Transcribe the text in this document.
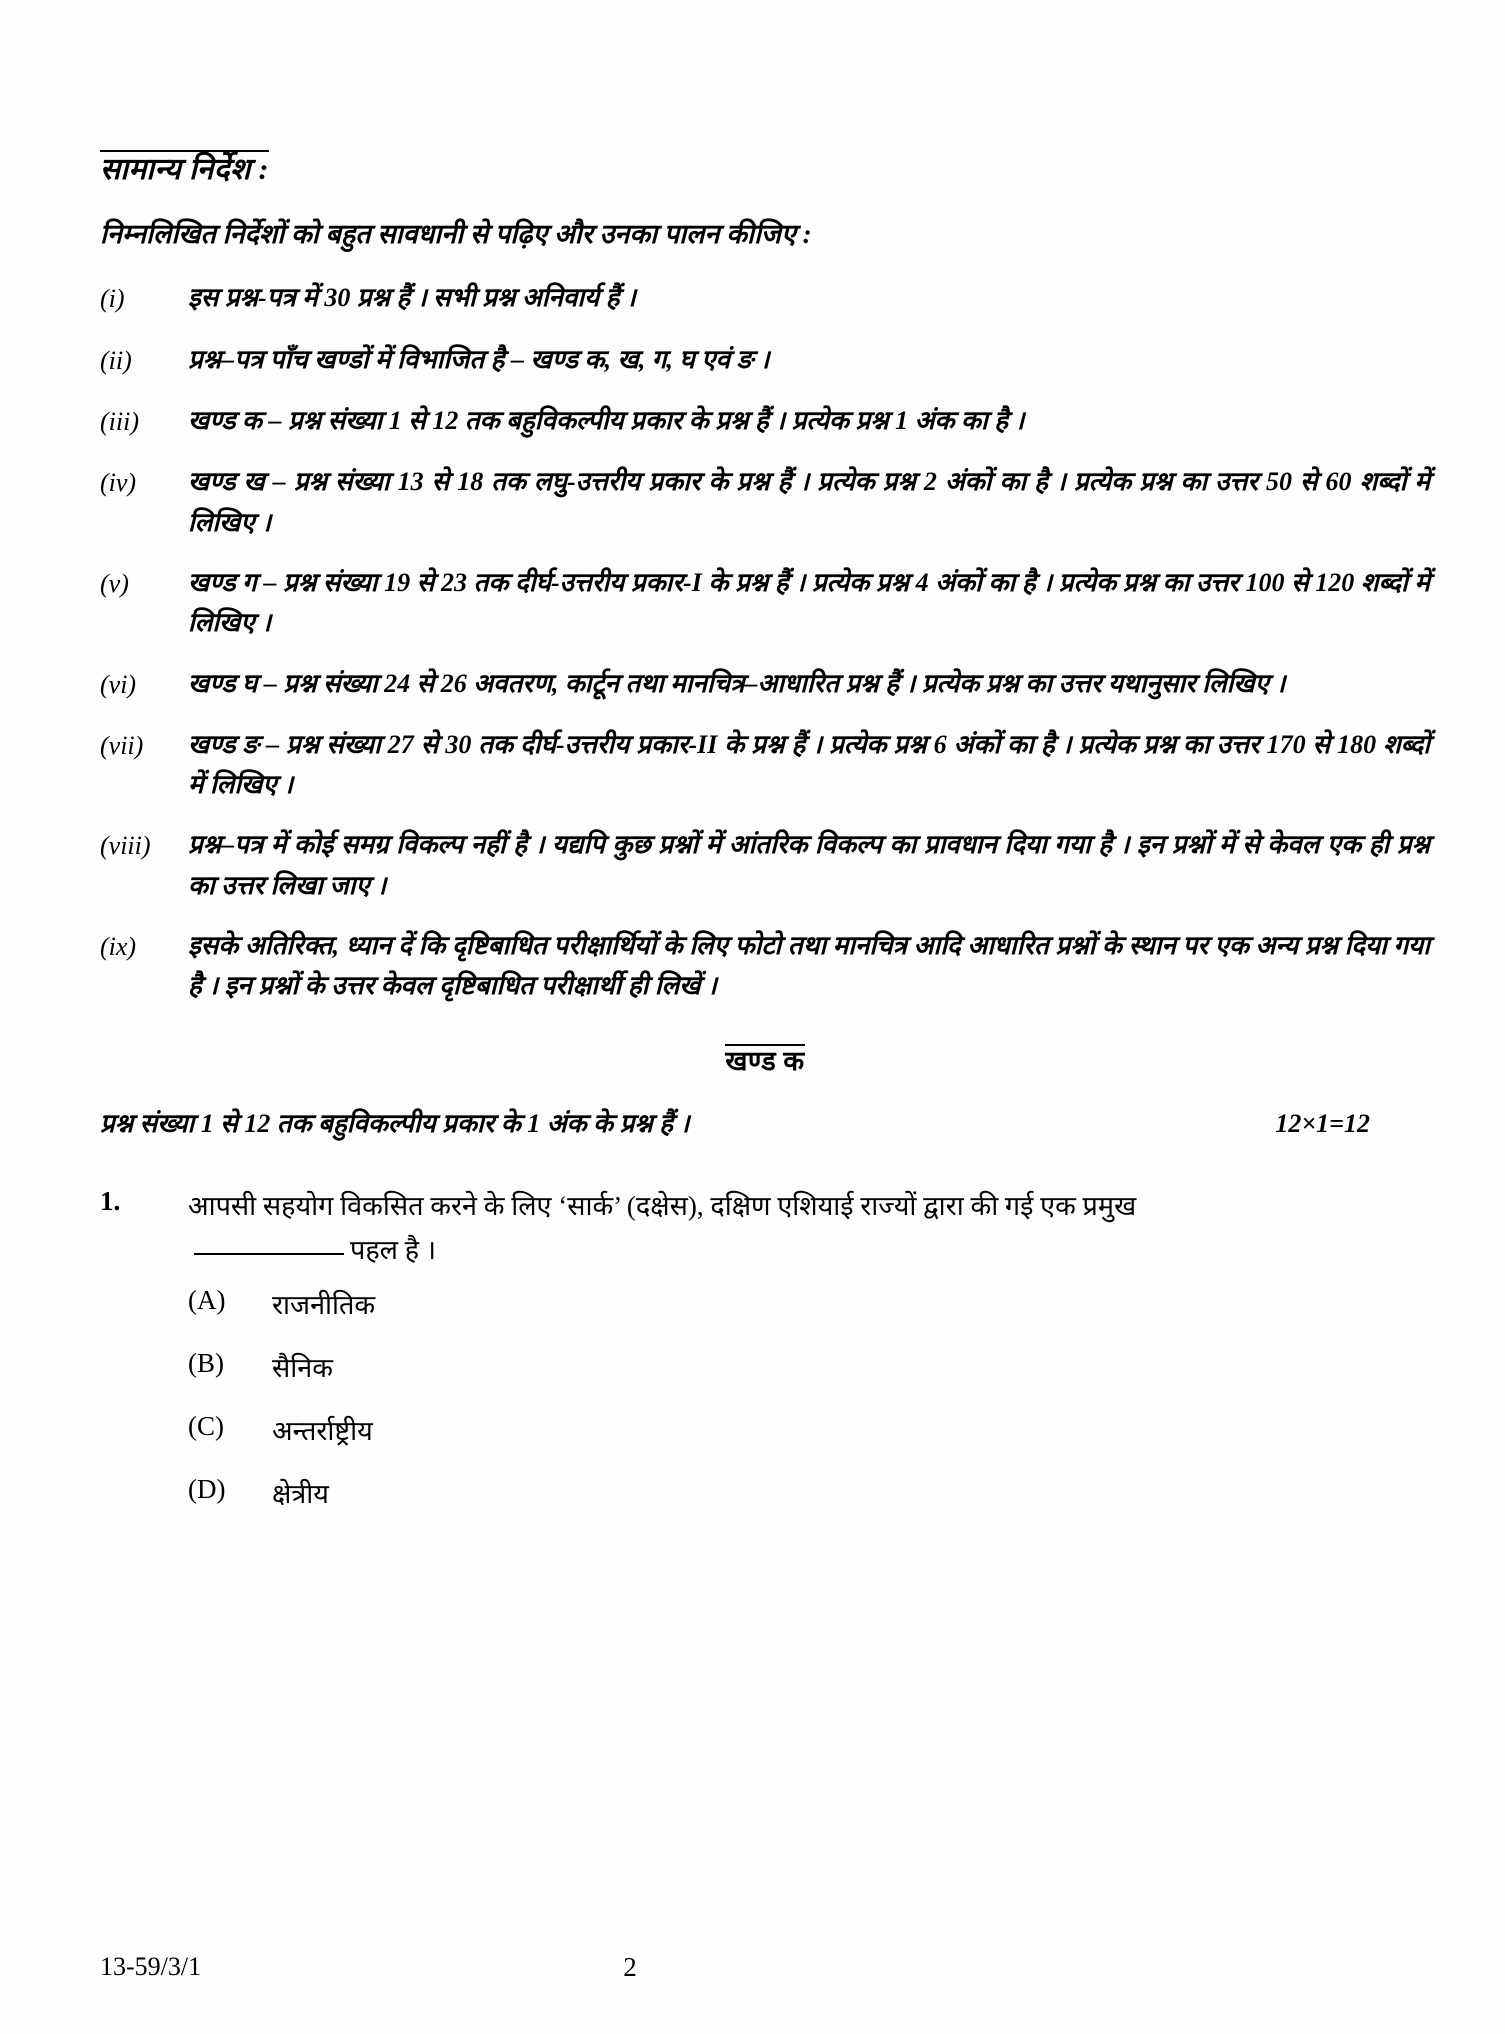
सामान्य निर्देश :
निम्नलिखित निर्देशों को बहुत सावधानी से पढ़िए और उनका पालन कीजिए :
(i)	इस प्रश्न-पत्र में 30 प्रश्न हैं । सभी प्रश्न अनिवार्य हैं ।
(ii)	प्रश्न–पत्र पाँच खण्डों में विभाजित है – खण्ड क, ख, ग, घ एवं ङ ।
(iii)	खण्ड क – प्रश्न संख्या 1 से 12 तक बहुविकल्पीय प्रकार के प्रश्न हैं । प्रत्येक प्रश्न 1 अंक का है ।
(iv)	खण्ड ख – प्रश्न संख्या 13 से 18 तक लघु-उत्तरीय प्रकार के प्रश्न हैं । प्रत्येक प्रश्न 2 अंकों का है । प्रत्येक प्रश्न का उत्तर 50 से 60 शब्दों में लिखिए ।
(v)	खण्ड ग – प्रश्न संख्या 19 से 23 तक दीर्घ-उत्तरीय प्रकार-I के प्रश्न हैं । प्रत्येक प्रश्न 4 अंकों का है । प्रत्येक प्रश्न का उत्तर 100 से 120 शब्दों में लिखिए ।
(vi)	खण्ड घ – प्रश्न संख्या 24 से 26 अवतरण, कार्टून तथा मानचित्र–आधारित प्रश्न हैं । प्रत्येक प्रश्न का उत्तर यथानुसार लिखिए ।
(vii)	खण्ड ङ – प्रश्न संख्या 27 से 30 तक दीर्घ-उत्तरीय प्रकार-II के प्रश्न हैं । प्रत्येक प्रश्न 6 अंकों का है । प्रत्येक प्रश्न का उत्तर 170 से 180 शब्दों में लिखिए ।
(viii)	प्रश्न–पत्र में कोई समग्र विकल्प नहीं है । यद्यपि कुछ प्रश्नों में आंतरिक विकल्प का प्रावधान दिया गया है । इन प्रश्नों में से केवल एक ही प्रश्न का उत्तर लिखा जाए ।
(ix)	इसके अतिरिक्त, ध्यान दें कि दृष्टिबाधित परीक्षार्थियों के लिए फोटो तथा मानचित्र आदि आधारित प्रश्नों के स्थान पर एक अन्य प्रश्न दिया गया है । इन प्रश्नों के उत्तर केवल दृष्टिबाधित परीक्षार्थी ही लिखें ।
खण्ड क
प्रश्न संख्या 1 से 12 तक बहुविकल्पीय प्रकार के 1 अंक के प्रश्न हैं ।	12×1=12
1.	आपसी सहयोग विकसित करने के लिए ‘सार्क’ (दक्षेस), दक्षिण एशियाई राज्यों द्वारा की गई एक प्रमुखपहल है ।
(A)	राजनीतिक
(B)	सैनिक
(C)	अन्तर्राष्ट्रीय
(D)	क्षेत्रीय
13-59/3/1	2
